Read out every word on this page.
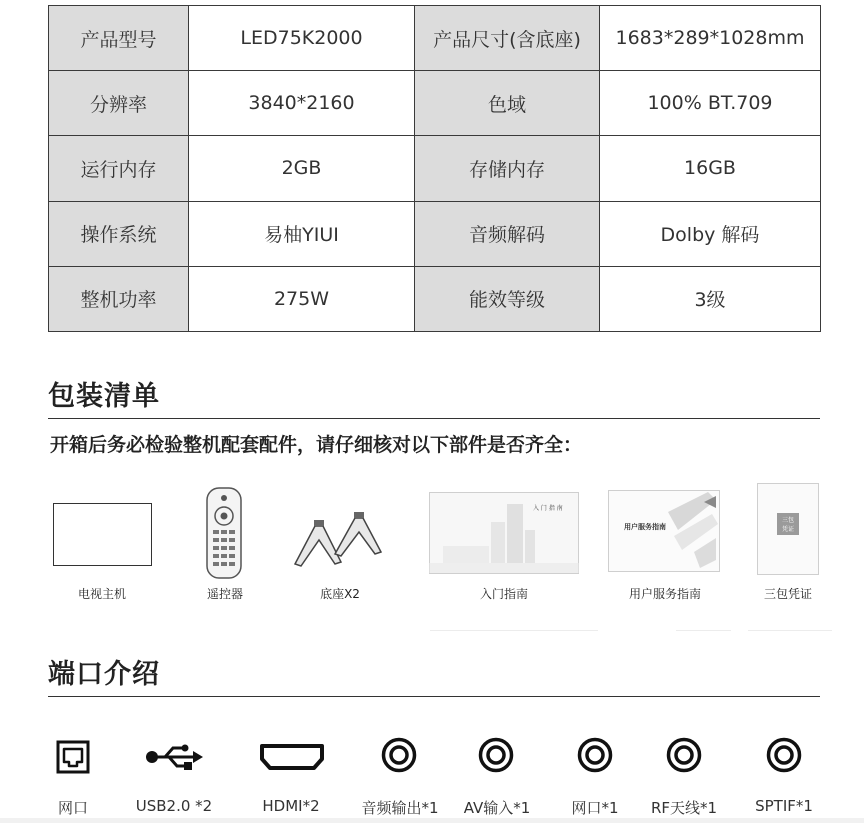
产品型号	LED75K2000	产品尺寸(含底座)	1683*289*1028mm
分辨率	3840*2160	色域	100% BT.709
运行内存	2GB	存储内存	16GB
操作系统	易柚YIUI	音频解码	Dolby 解码
整机功率	275W	能效等级	3级
包装清单
开箱后务必检验整机配套配件，请仔细核对以下部件是否齐全：
电视主机	遥控器	底座X2
入 门 指 南
入门指南
用户服务指南
用户服务指南
三包
凭证
三包凭证
端口介绍
网口	USB2.0 *2	HDMI*2	音频输出*1 AV输入*1	网口*1 RF天线*1	SPTIF*1
